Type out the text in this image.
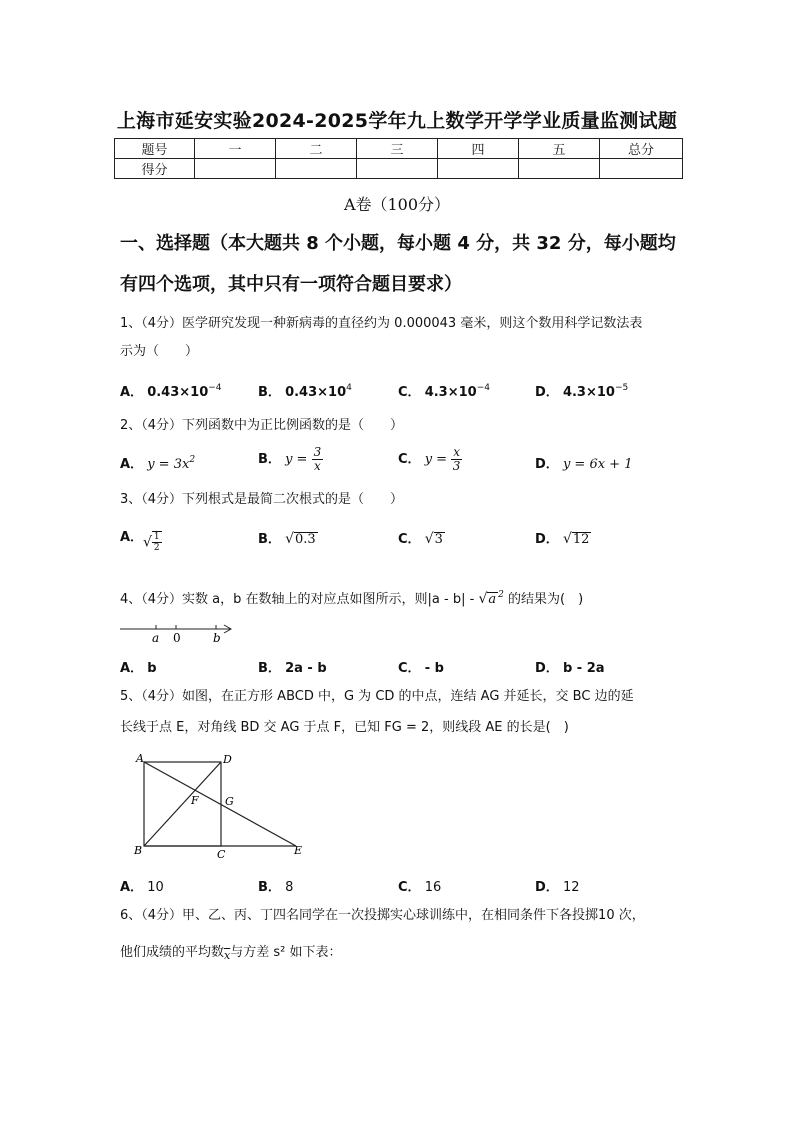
上海市延安实验2024-2025学年九上数学开学学业质量监测试题
题号	一	二	三	四	五	总分
得分						
A卷（100分）
一、选择题（本大题共 8 个小题，每小题 4 分，共 32 分，每小题均
有四个选项，其中只有一项符合题目要求）
1、（4分）医学研究发现一种新病毒的直径约为 0.000043 毫米，则这个数用科学记数法表
示为（　　）
A． $0.43\times 10^{-4}$	B． $0.43\times 10^4$	C． $4.3\times 10^{-4}$	D． $4.3\times 10^{-5}$
2、（4分）下列函数中为正比例函数的是（　　）
A． $y = 3x^2$	B． $y = \frac{3}{x}$	C． $y = \frac{x}{3}$	D． y = 6x + 1
3、（4分）下列根式是最简二次根式的是（　　）
A． √ $\frac{1}{2}$	B． √0.3	C． √3	D． √12
4、（4分）实数 a，b 在数轴上的对应点如图所示，则|a - b| - √a $^2$ 的结果为(　)
a 0	b
A． b	B． 2a - b	C． - b	D． b - 2a
5、（4分）如图，在正方形 ABCD 中，G 为 CD 的中点，连结 AG 并延长，交 BC 边的延
长线于点 E，对角线 BD 交 AG 于点 F，已知 FG = 2，则线段 AE 的长是(　)
A	D
B	C	E
F G
A． 10	B． 8	C． 16	D． 12
6、（4分）甲、乙、丙、丁四名同学在一次投掷实心球训练中，在相同条件下各投掷10 次，
他们成绩的平均数$_{\overline{x}}$与方差 s² 如下表：
